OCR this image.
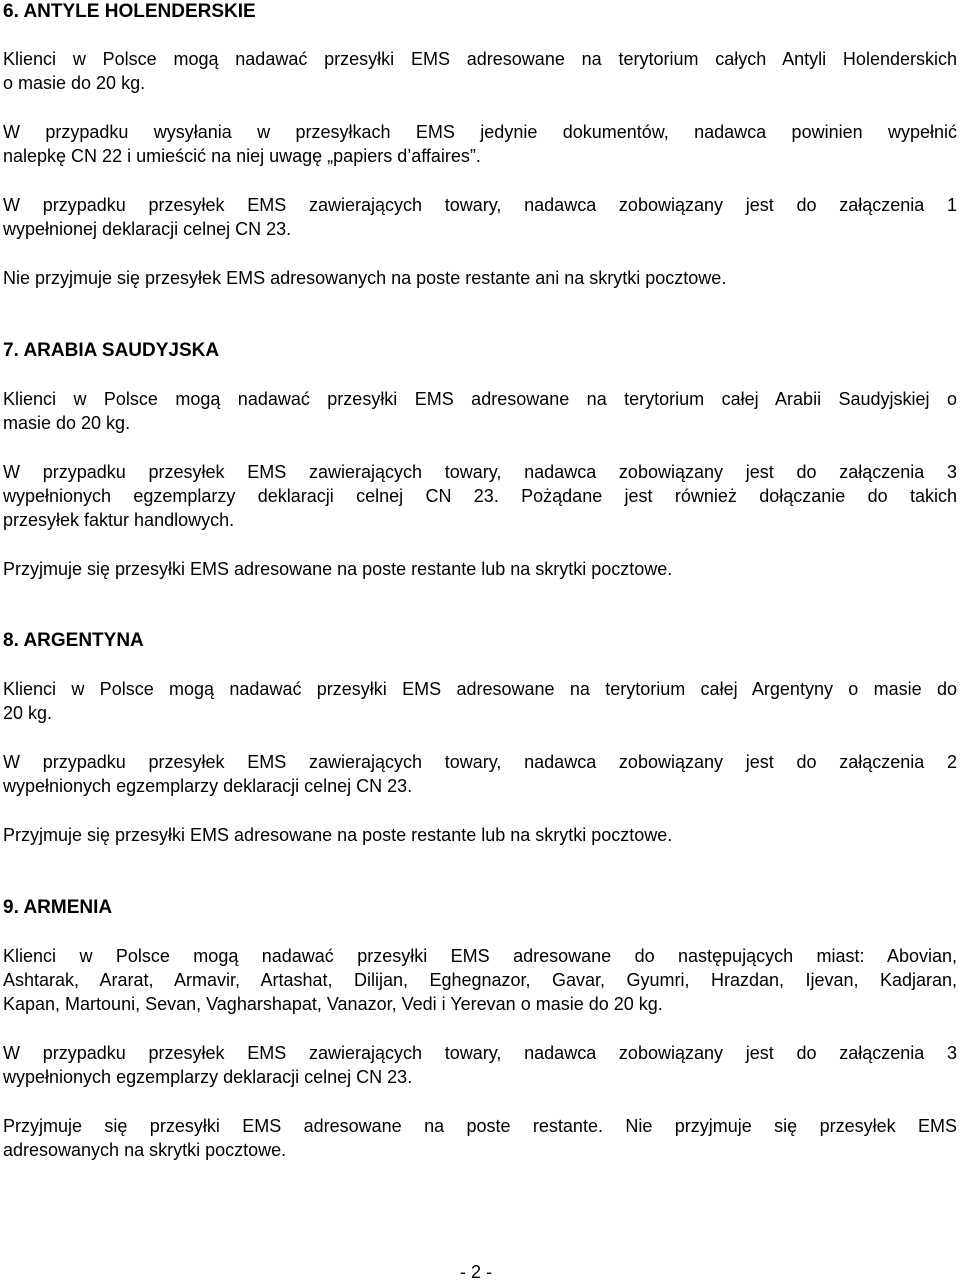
6. ANTYLE HOLENDERSKIE
Klienci w Polsce mogą nadawać przesyłki EMS adresowane na terytorium całych Antyli Holenderskich
o masie do 20 kg.
W przypadku wysyłania w przesyłkach EMS jedynie dokumentów, nadawca powinien wypełnić
nalepkę CN 22 i umieścić na niej uwagę „papiers d’affaires”.
W przypadku przesyłek EMS zawierających towary, nadawca zobowiązany jest do załączenia 1
wypełnionej deklaracji celnej CN 23.
Nie przyjmuje się przesyłek EMS adresowanych na poste restante ani na skrytki pocztowe.
7. ARABIA SAUDYJSKA
Klienci w Polsce mogą nadawać przesyłki EMS adresowane na terytorium całej Arabii Saudyjskiej o
masie do 20 kg.
W przypadku przesyłek EMS zawierających towary, nadawca zobowiązany jest do załączenia 3
wypełnionych egzemplarzy deklaracji celnej CN 23. Pożądane jest również dołączanie do takich
przesyłek faktur handlowych.
Przyjmuje się przesyłki EMS adresowane na poste restante lub na skrytki pocztowe.
8. ARGENTYNA
Klienci w Polsce mogą nadawać przesyłki EMS adresowane na terytorium całej Argentyny o masie do
20 kg.
W przypadku przesyłek EMS zawierających towary, nadawca zobowiązany jest do załączenia 2
wypełnionych egzemplarzy deklaracji celnej CN 23.
Przyjmuje się przesyłki EMS adresowane na poste restante lub na skrytki pocztowe.
9. ARMENIA
Klienci w Polsce mogą nadawać przesyłki EMS adresowane do następujących miast: Abovian,
Ashtarak, Ararat, Armavir, Artashat, Dilijan, Eghegnazor, Gavar, Gyumri, Hrazdan, Ijevan, Kadjaran,
Kapan, Martouni, Sevan, Vagharshapat, Vanazor, Vedi i Yerevan o masie do 20 kg.
W przypadku przesyłek EMS zawierających towary, nadawca zobowiązany jest do załączenia 3
wypełnionych egzemplarzy deklaracji celnej CN 23.
Przyjmuje się przesyłki EMS adresowane na poste restante. Nie przyjmuje się przesyłek EMS
adresowanych na skrytki pocztowe.
- 2 -
